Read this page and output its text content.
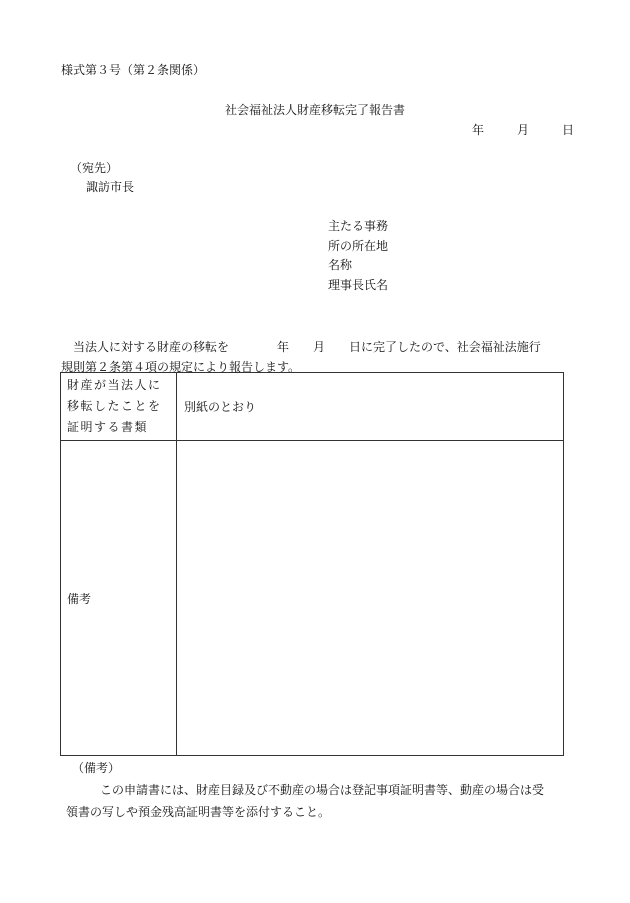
様式第３号（第２条関係）
社会福祉法人財産移転完了報告書
年	月	日
（宛先）
諏訪市長
主たる事務
所の所在地
名称
理事長氏名
当法人に対する財産の移転を　　　　年　　月　　日に完了したので、社会福祉法施行
規則第２条第４項の規定により報告します。
財産が当法人に
移転したことを
証明する書類	別紙のとおり
備考	
（備考）
この申請書には、財産目録及び不動産の場合は登記事項証明書等、動産の場合は受
領書の写しや預金残高証明書等を添付すること。
